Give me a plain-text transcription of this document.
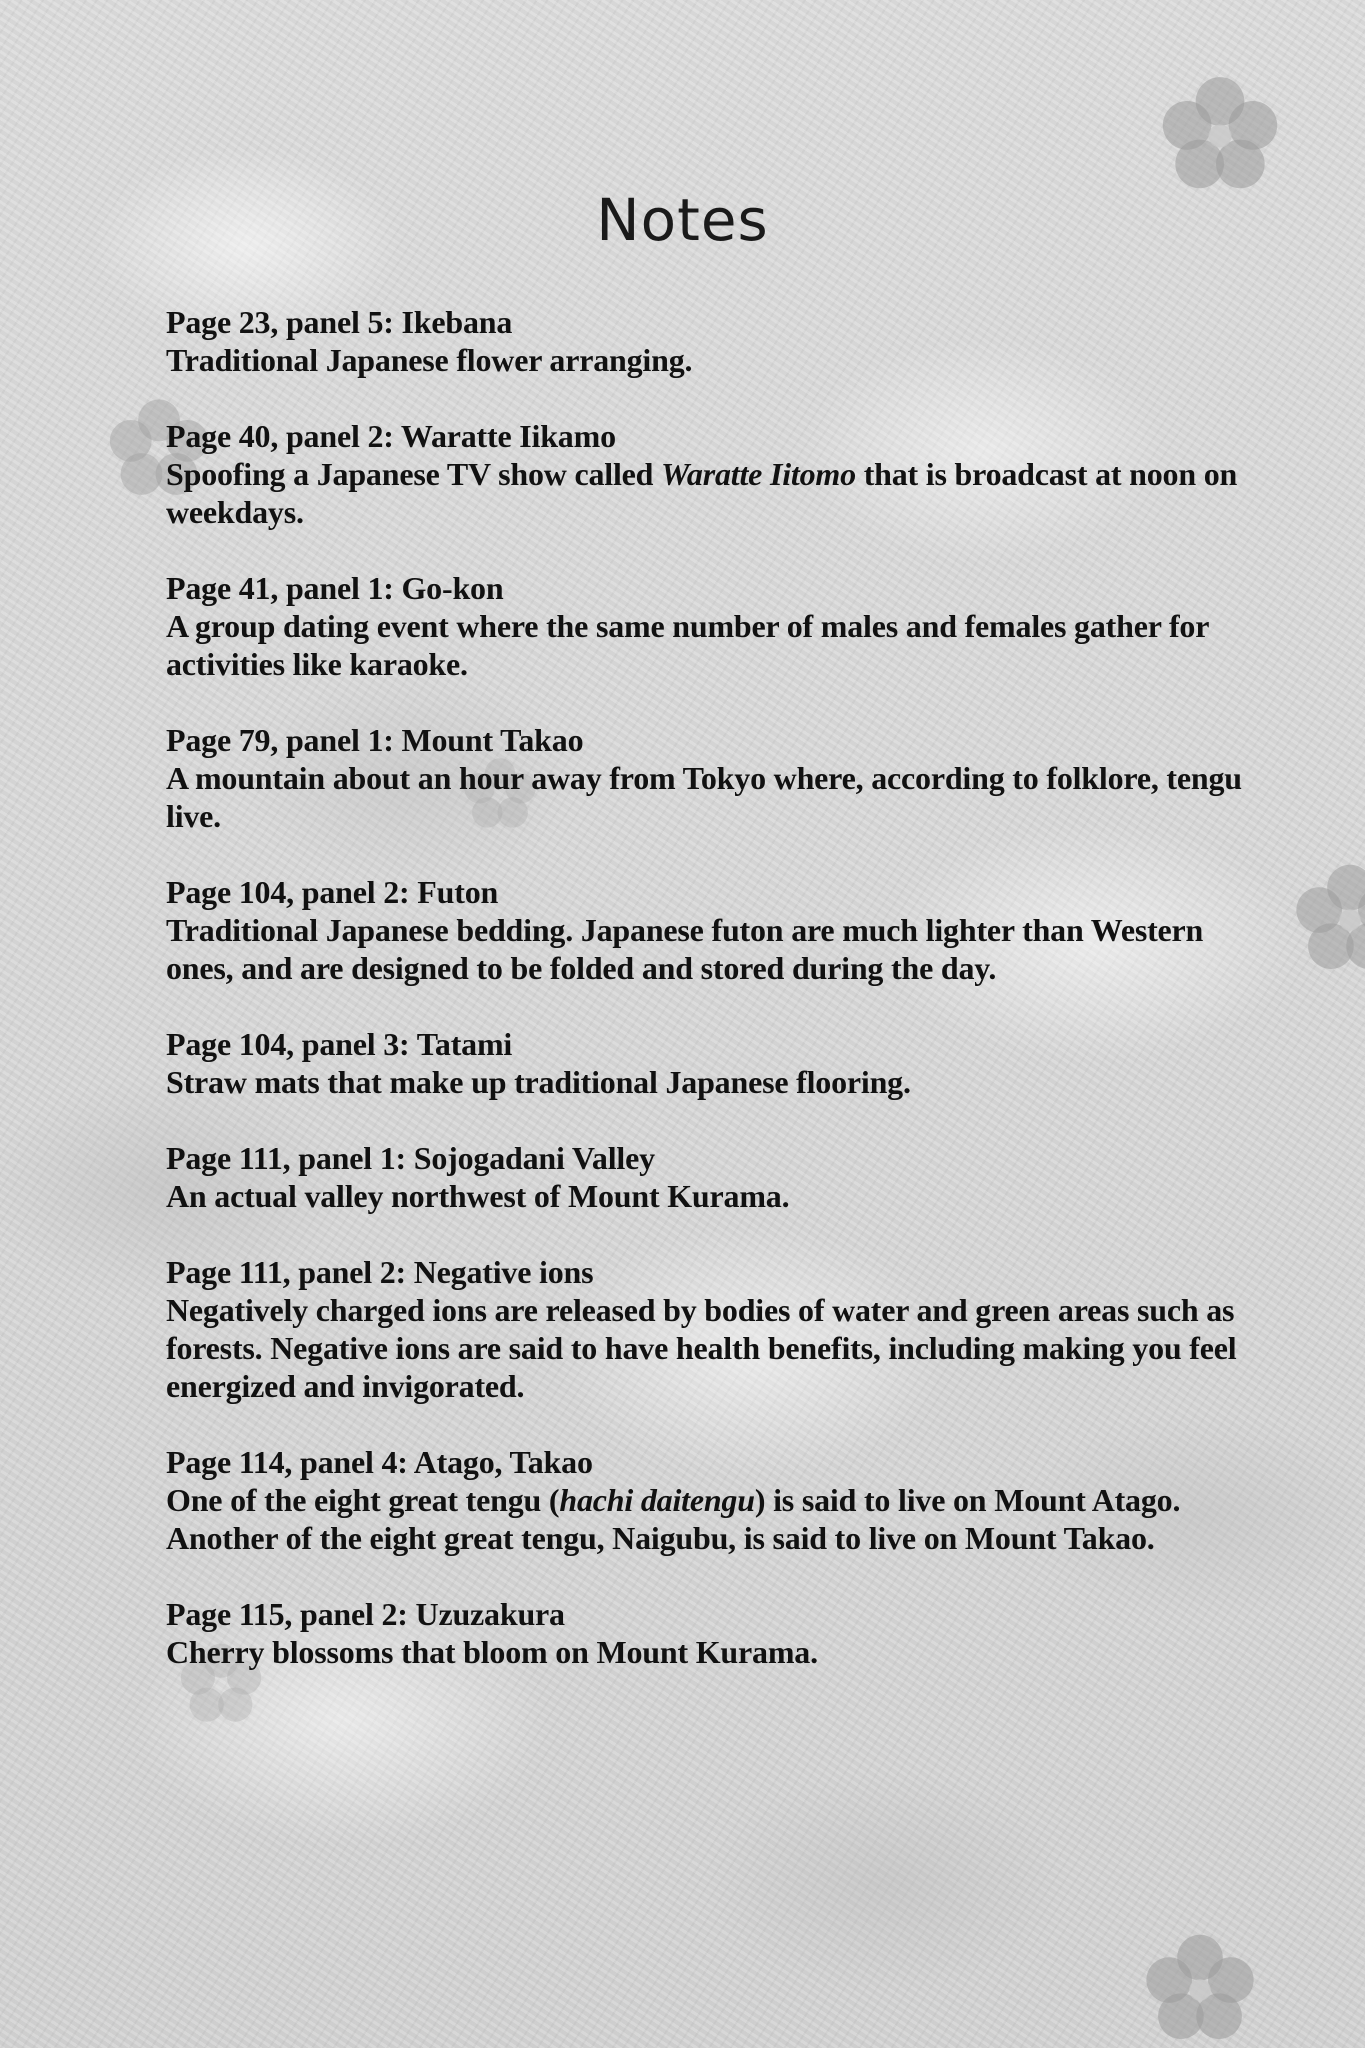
Notes
Page 23, panel 5: Ikebana
Traditional Japanese flower arranging.
Page 40, panel 2: Waratte Iikamo
Spoofing a Japanese TV show called Waratte Iitomo that is broadcast at noon on weekdays.
Page 41, panel 1: Go-kon
A group dating event where the same number of males and females gather for activities like karaoke.
Page 79, panel 1: Mount Takao
A mountain about an hour away from Tokyo where, according to folklore, tengu live.
Page 104, panel 2: Futon
Traditional Japanese bedding. Japanese futon are much lighter than Western ones, and are designed to be folded and stored during the day.
Page 104, panel 3: Tatami
Straw mats that make up traditional Japanese flooring.
Page 111, panel 1: Sojogadani Valley
An actual valley northwest of Mount Kurama.
Page 111, panel 2: Negative ions
Negatively charged ions are released by bodies of water and green areas such as forests. Negative ions are said to have health benefits, including making you feel energized and invigorated.
Page 114, panel 4: Atago, Takao
One of the eight great tengu (hachi daitengu) is said to live on Mount Atago. Another of the eight great tengu, Naigubu, is said to live on Mount Takao.
Page 115, panel 2: Uzuzakura
Cherry blossoms that bloom on Mount Kurama.
